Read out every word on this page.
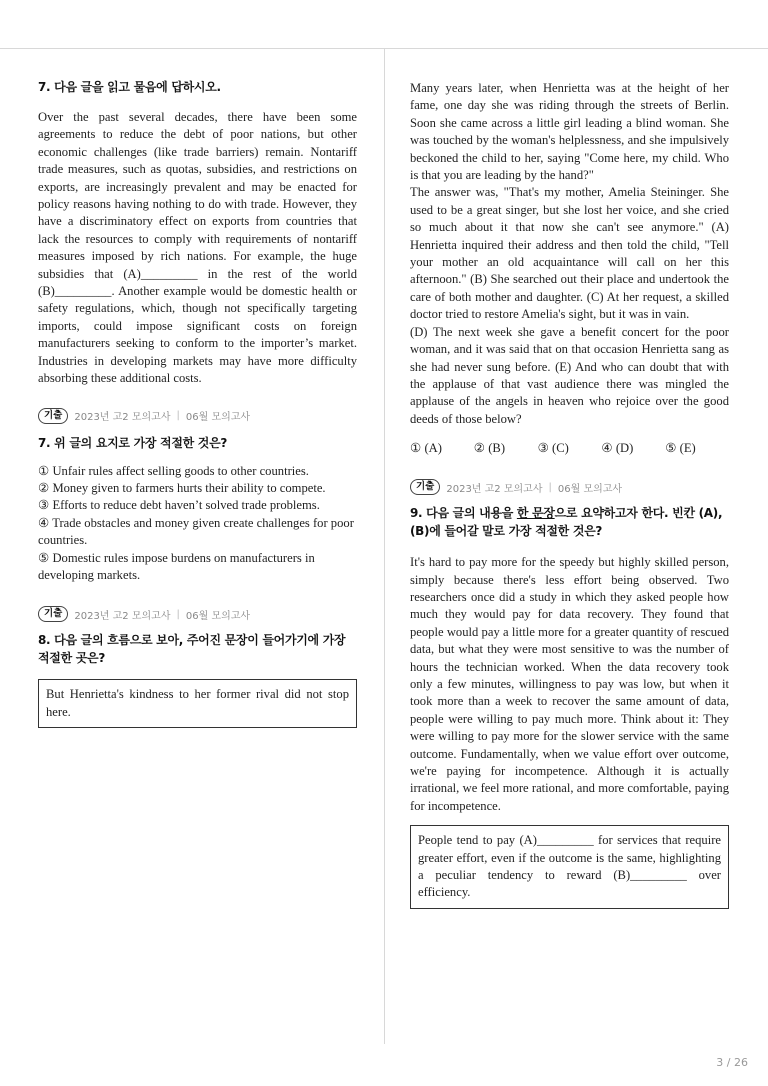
7. 다음 글을 읽고 물음에 답하시오.
Over the past several decades, there have been some agreements to reduce the debt of poor nations, but other economic challenges (like trade barriers) remain. Nontariff trade measures, such as quotas, subsidies, and restrictions on exports, are increasingly prevalent and may be enacted for policy reasons having nothing to do with trade. However, they have a discriminatory effect on exports from countries that lack the resources to comply with requirements of nontariff measures imposed by rich nations. For example, the huge subsidies that (A)_________ in the rest of the world (B)_________. Another example would be domestic health or safety regulations, which, though not specifically targeting imports, could impose significant costs on foreign manufacturers seeking to conform to the importer’s market. Industries in developing markets may have more difficulty absorbing these additional costs.
기출	2023년 고2 모의고사 | 06월 모의고사
7. 위 글의 요지로 가장 적절한 것은?

① Unfair rules affect selling goods to other countries.

② Money given to farmers hurts their ability to compete.

③ Efforts to reduce debt haven’t solved trade problems.

④ Trade obstacles and money given create challenges for poor countries.

⑤ Domestic rules impose burdens on manufacturers in developing markets.

기출	2023년 고2 모의고사 | 06월 모의고사
8. 다음 글의 흐름으로 보아, 주어진 문장이 들어가기에 가장 적절한 곳은?
But Henrietta's kindness to her former rival did not stop here.

Many years later, when Henrietta was at the height of her fame, one day she was riding through the streets of Berlin. Soon she came across a little girl leading a blind woman. She was touched by the woman's helplessness, and she impulsively beckoned the child to her, saying "Come here, my child. Who is that you are leading by the hand?"

The answer was, "That's my mother, Amelia Steininger. She used to be a great singer, but she lost her voice, and she cried so much about it that now she can't see anymore." (A) Henrietta inquired their address and then told the child, "Tell your mother an old acquaintance will call on her this afternoon." (B) She searched out their place and undertook the care of both mother and daughter. (C) At her request, a skilled doctor tried to restore Amelia's sight, but it was in vain.

(D) The next week she gave a benefit concert for the poor woman, and it was said that on that occasion Henrietta sang as she had never sung before. (E) And who can doubt that with the applause of that vast audience there was mingled the applause of the angels in heaven who rejoice over the good deeds of those below?

① (A)	② (B)	③ (C)	④ (D)	⑤ (E)
기출	2023년 고2 모의고사 | 06월 모의고사
9. 다음 글의 내용을 한 문장으로 요약하고자 한다. 빈칸 (A), (B)에 들어갈 말로 가장 적절한 것은?
It's hard to pay more for the speedy but highly skilled person, simply because there's less effort being observed. Two researchers once did a study in which they asked people how much they would pay for data recovery. They found that people would pay a little more for a greater quantity of rescued data, but what they were most sensitive to was the number of hours the technician worked. When the data recovery took only a few minutes, willingness to pay was low, but when it took more than a week to recover the same amount of data, people were willing to pay much more. Think about it: They were willing to pay more for the slower service with the same outcome. Fundamentally, when we value effort over outcome, we're paying for incompetence. Although it is actually irrational, we feel more rational, and more comfortable, paying for incompetence.
People tend to pay (A)_________ for services that require greater effort, even if the outcome is the same, highlighting a peculiar tendency to reward (B)_________ over efficiency.
3 / 26
